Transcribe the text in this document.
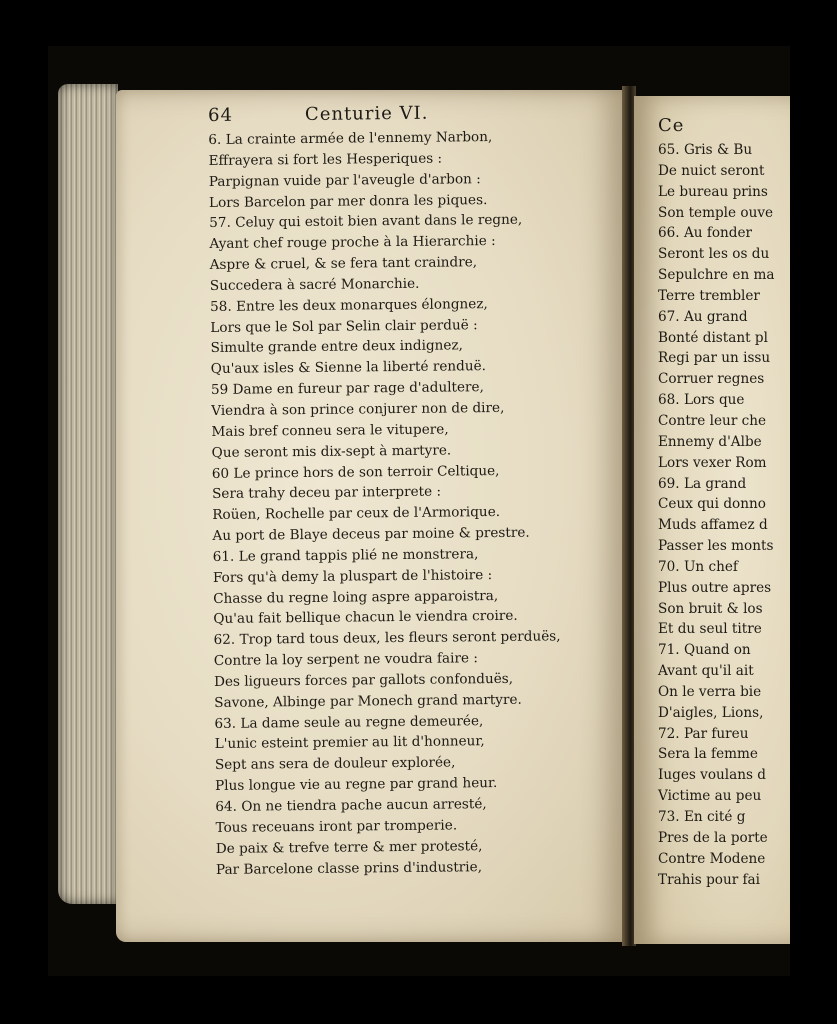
64	Centurie VI.
6. La crainte armée de l'ennemy Narbon,
Effrayera si fort les Hesperiques :
Parpignan vuide par l'aveugle d'arbon :
Lors Barcelon par mer donra les piques.
57. Celuy qui estoit bien avant dans le regne,
Ayant chef rouge proche à la Hierarchie :
Aspre & cruel, & se fera tant craindre,
Succedera à sacré Monarchie.
58. Entre les deux monarques élongnez,
Lors que le Sol par Selin clair perduë :
Simulte grande entre deux indignez,
Qu'aux isles & Sienne la liberté renduë.
59 Dame en fureur par rage d'adultere,
Viendra à son prince conjurer non de dire,
Mais bref conneu sera le vitupere,
Que seront mis dix-sept à martyre.
60 Le prince hors de son terroir Celtique,
Sera trahy deceu par interprete :
Roüen, Rochelle par ceux de l'Armorique.
Au port de Blaye deceus par moine & prestre.
61. Le grand tappis plié ne monstrera,
Fors qu'à demy la pluspart de l'histoire :
Chasse du regne loing aspre apparoistra,
Qu'au fait bellique chacun le viendra croire.
62. Trop tard tous deux, les fleurs seront perduës,
Contre la loy serpent ne voudra faire :
Des ligueurs forces par gallots confonduës,
Savone, Albinge par Monech grand martyre.
63. La dame seule au regne demeurée,
L'unic esteint premier au lit d'honneur,
Sept ans sera de douleur explorée,
Plus longue vie au regne par grand heur.
64. On ne tiendra pache aucun arresté,
Tous receuans iront par tromperie.
De paix & trefve terre & mer protesté,
Par Barcelone classe prins d'industrie,
Ce
65. Gris & Bu
De nuict seront
Le bureau prins
Son temple ouve
66. Au fonder
Seront les os du
Sepulchre en ma
Terre trembler
67. Au grand
Bonté distant pl
Regi par un issu
Corruer regnes
68. Lors que
Contre leur che
Ennemy d'Albe
Lors vexer Rom
69. La grand
Ceux qui donno
Muds affamez d
Passer les monts
70. Un chef
Plus outre apres
Son bruit & los
Et du seul titre
71. Quand on
Avant qu'il ait
On le verra bie
D'aigles, Lions,
72. Par fureu
Sera la femme
Iuges voulans d
Victime au peu
73. En cité g
Pres de la porte
Contre Modene
Trahis pour fai
